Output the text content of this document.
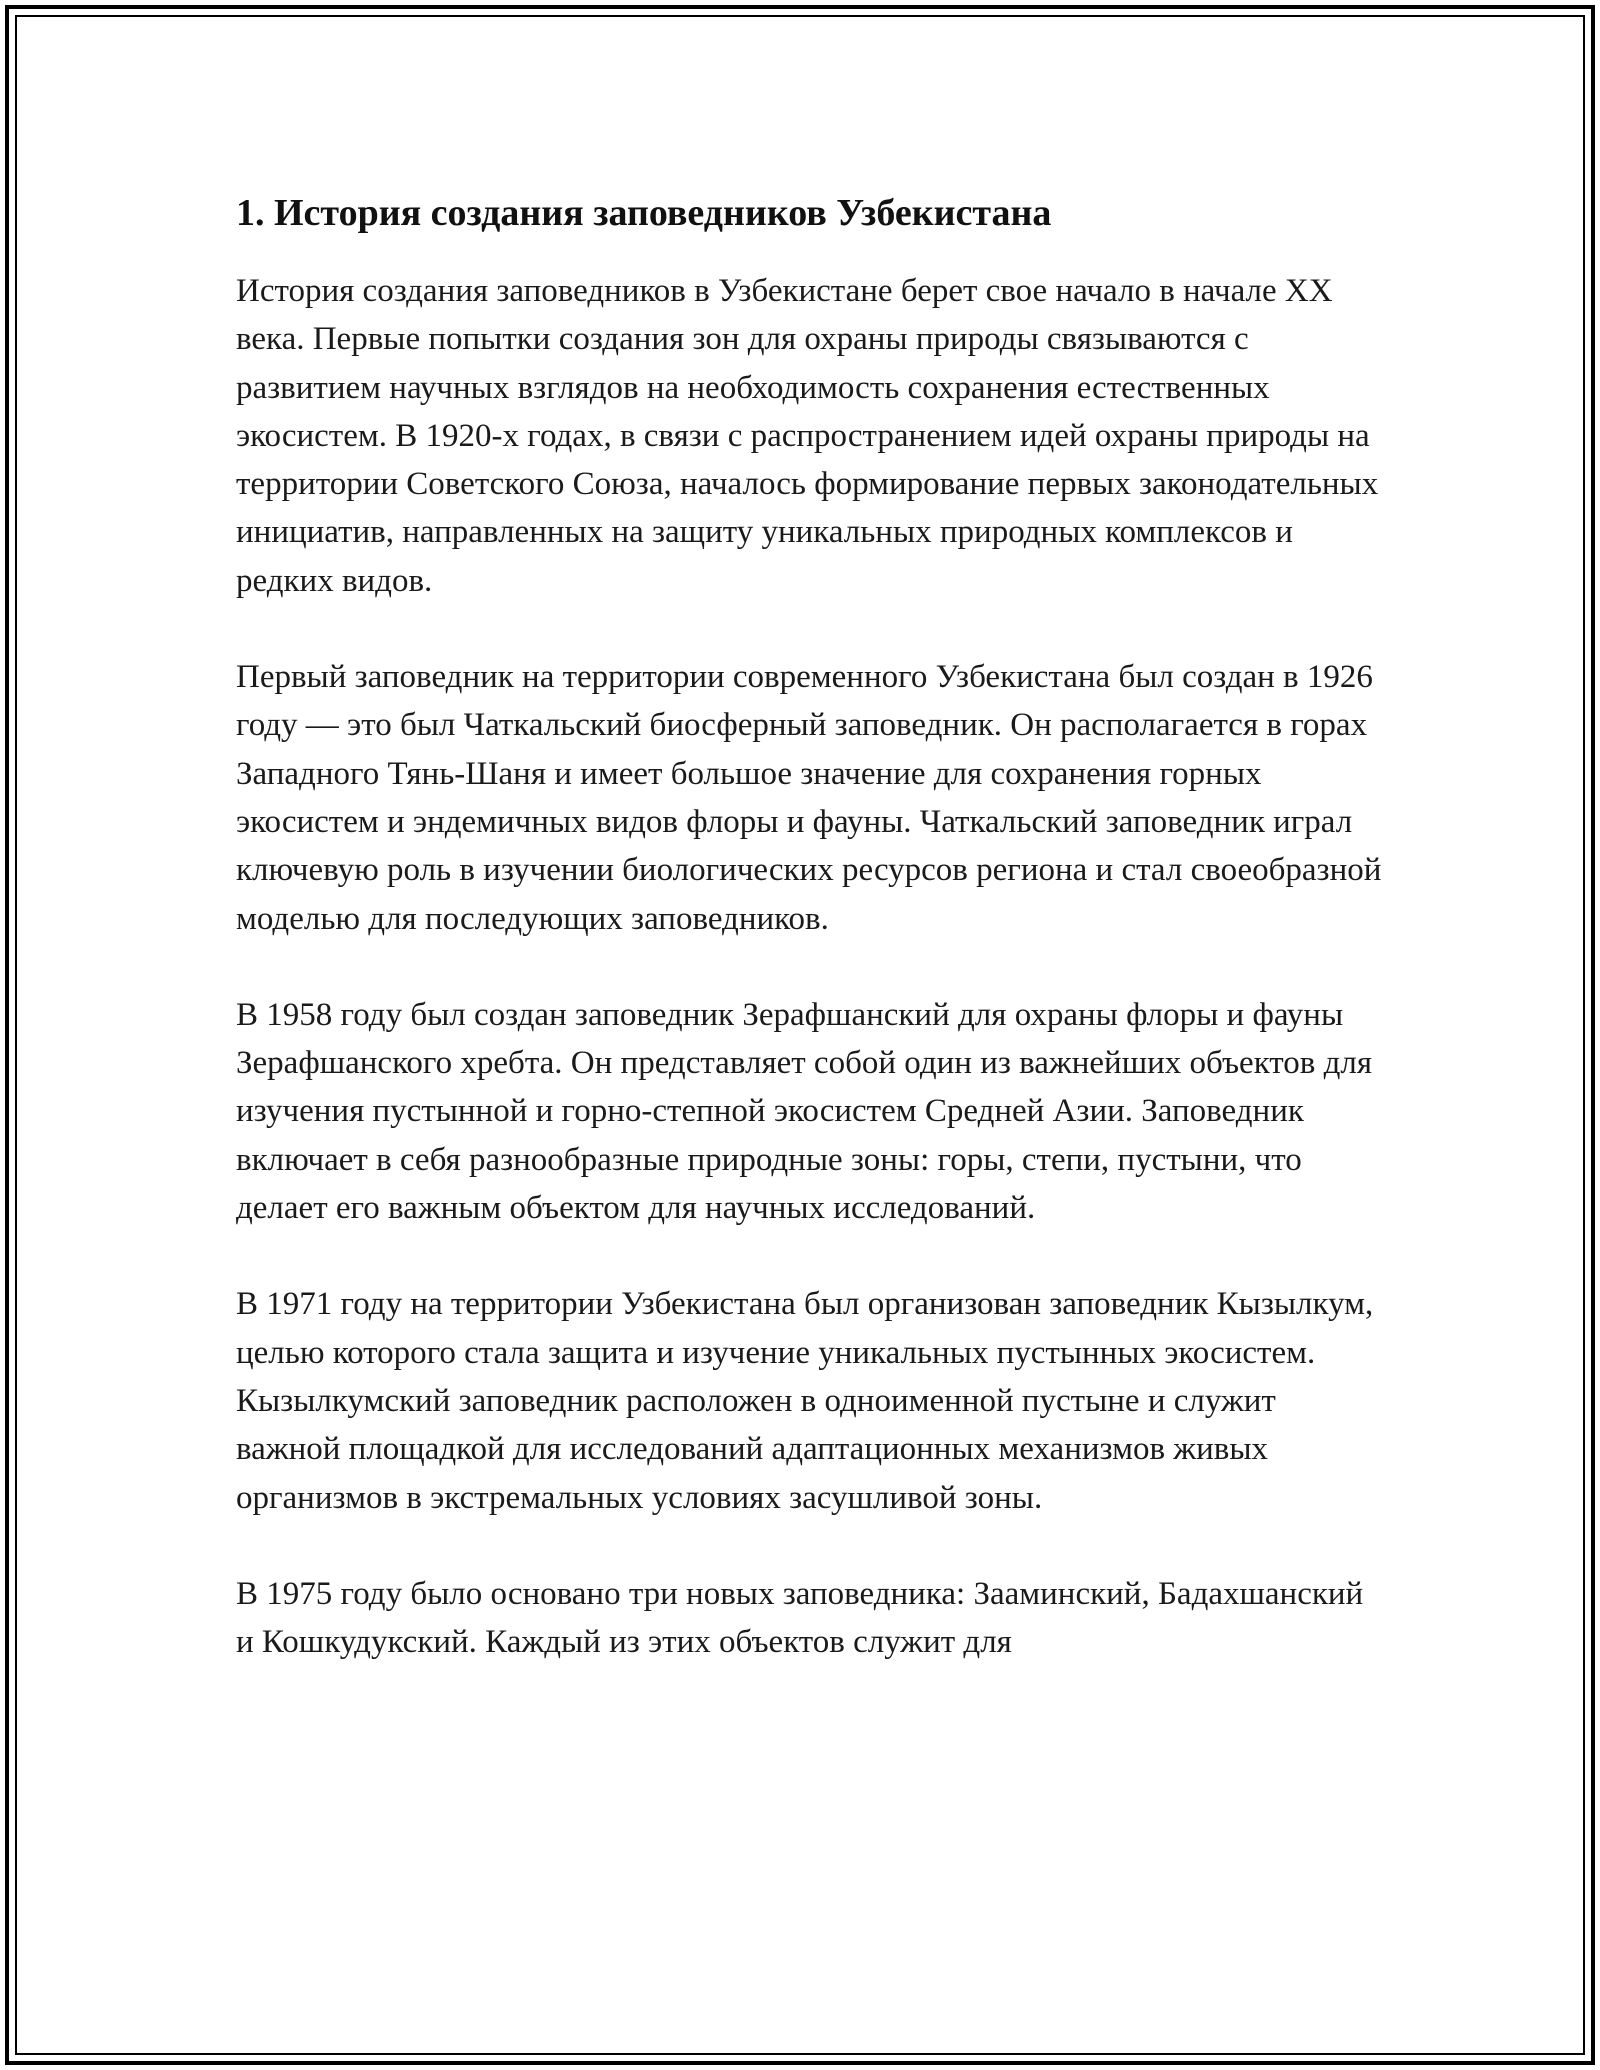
1. История создания заповедников Узбекистана

История создания заповедников в Узбекистане берет свое начало в начале XX века. Первые попытки создания зон для охраны природы связываются с развитием научных взглядов на необходимость сохранения естественных экосистем. В 1920-х годах, в связи с распространением идей охраны природы на территории Советского Союза, началось формирование первых законодательных инициатив, направленных на защиту уникальных природных комплексов и редких видов.

Первый заповедник на территории современного Узбекистана был создан в 1926 году — это был Чаткальский биосферный заповедник. Он располагается в горах Западного Тянь-Шаня и имеет большое значение для сохранения горных экосистем и эндемичных видов флоры и фауны. Чаткальский заповедник играл ключевую роль в изучении биологических ресурсов региона и стал своеобразной моделью для последующих заповедников.

В 1958 году был создан заповедник Зерафшанский для охраны флоры и фауны Зерафшанского хребта. Он представляет собой один из важнейших объектов для изучения пустынной и горно-степной экосистем Средней Азии. Заповедник включает в себя разнообразные природные зоны: горы, степи, пустыни, что делает его важным объектом для научных исследований.

В 1971 году на территории Узбекистана был организован заповедник Кызылкум, целью которого стала защита и изучение уникальных пустынных экосистем. Кызылкумский заповедник расположен в одноименной пустыне и служит важной площадкой для исследований адаптационных механизмов живых организмов в экстремальных условиях засушливой зоны.

В 1975 году было основано три новых заповедника: Зааминский, Бадахшанский и Кошкудукский. Каждый из этих объектов служит для
